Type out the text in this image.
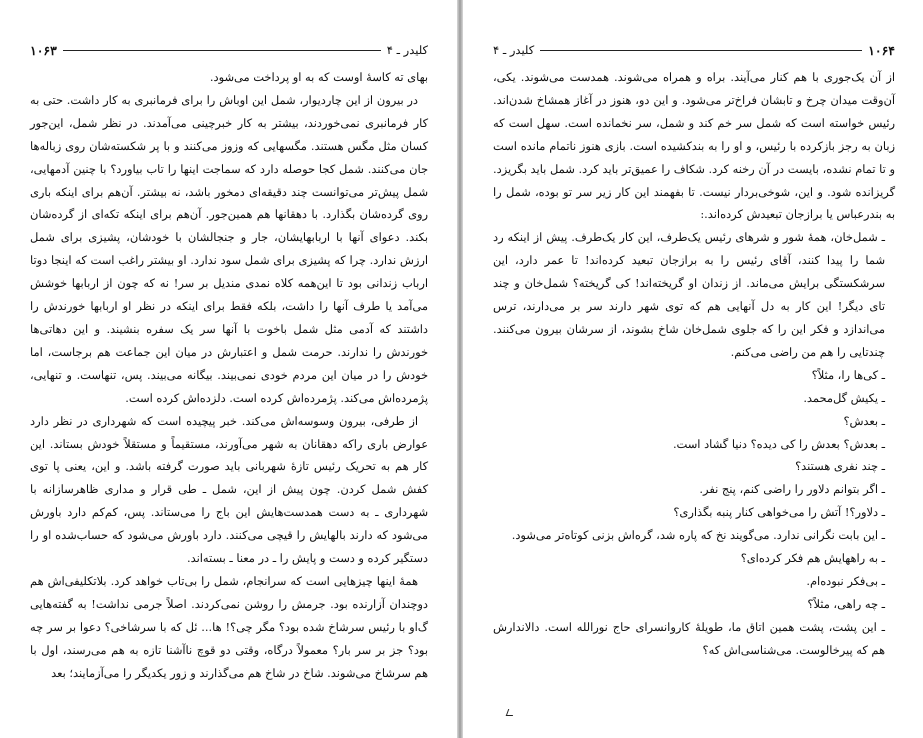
۱۰۶۳	کلیدر ـ ۴

بهای ته کاسهٔ اوست که به او پرداخت می‌شود.

در بیرون از این چاردیوار، شمل این اوباش را برای فرمانبری به کار داشت. حتی به کار فرمانبری نمی‌خوردند، بیشتر به کار خبرچینی می‌آمدند. در نظر شمل، این‌جور کسان مثل مگس هستند. مگسهایی که وزوز می‌کنند و با پر شکسته‌شان روی زباله‌ها جان می‌کنند. شمل کجا حوصله دارد که سماجت اینها را تاب بیاورد؟ با چنین آدمهایی، شمل پیش‌تر می‌توانست چند دقیقه‌ای دمخور باشد، نه بیشتر. آن‌هم برای اینکه باری روی گرده‌شان بگذارد. با دهقانها هم همین‌جور. آن‌هم برای اینکه تکه‌ای از گرده‌شان بکند. دعوای آنها با اربابهایشان، جار و جنجالشان با خودشان، پشیزی برای شمل ارزش ندارد. چرا که پشیزی برای شمل سود ندارد. او بیشتر راغب است که اینجا دوتا ارباب زندانی بود تا این‌همه کلاه نمدی مندیل بر سر! نه که چون از اربابها خوشش می‌آمد یا طرف آنها را داشت، بلکه فقط برای اینکه در نظر او اربابها خورندش را داشتند که آدمی مثل شمل باخوت با آنها سر یک سفره بنشیند. و این دهاتی‌ها خورندش را ندارند. حرمت شمل و اعتبارش در میان این جماعت هم برجاست، اما خودش را در میان این مردم خودی نمی‌بیند. بیگانه می‌بیند. پس، تنهاست. و تنهایی، پژمرده‌اش می‌کند. پژمرده‌اش کرده است. دلزده‌اش کرده است.

از طرفی، بیرون وسوسه‌اش می‌کند. خبر پیچیده است که شهرداری در نظر دارد عوارض باری راکه دهقانان به شهر می‌آورند، مستقیماً و مستقلاً خودش بستاند. این کار هم به تحریک رئیس تازهٔ شهربانی باید صورت گرفته باشد. و این، یعنی پا توی کفش شمل کردن. چون پیش از این، شمل ـ طی قرار و مداری ظاهرسازانه با شهرداری ـ به دست همدست‌هایش این باج را می‌ستاند. پس، کم‌کم دارد باورش می‌شود که دارند بالهایش را قیچی می‌کنند. دارد باورش می‌شود که حساب‌شده او را دستگیر کرده و دست و پایش را ـ در معنا ـ بسته‌اند.

همهٔ اینها چیزهایی است که سرانجام، شمل را بی‌تاب خواهد کرد. بلاتکلیفی‌اش هم دوچندان آزارنده بود. جرمش را روشن نمی‌کردند. اصلاً جرمی نداشت! به گفته‌هایی گ‌او با رئیس سرشاخ شده بود؟ مگر چی؟! ‌ها... ئل که با سرشاخی؟ دعوا بر سر چه بود؟ جز بر سر بار؟ معمولاً درگاه، وقتی دو قوچ ناآشنا تازه به هم می‌رسند، اول با هم سرشاخ می‌شوند. شاخ در شاخ هم می‌گذارند و زور یکدیگر را می‌آزمایند؛ بعد

کلیدر ـ ۴	۱۰۶۴

از آن یک‌جوری با هم کنار می‌آیند. براه و همراه می‌شوند. همدست می‌شوند. یکی، آن‌وقت میدان چرخ و تابشان فراخ‌تر می‌شود. و این دو، هنوز در آغاز همشاخ شدن‌اند. رئیس خواسته است که شمل سر خم کند و شمل، سر نخمانده است. سهل است که زبان به رجز بازکرده با رئیس، و او را به بندکشیده است. بازی هنوز ناتمام مانده است و تا تمام نشده، بایست در آن رخنه کرد. شکاف را عمیق‌تر باید کرد. شمل باید بگریزد. گریزانده شود. و این، شوخی‌بردار نیست. تا بفهمند این کار زیر سر تو بوده، شمل را به بندرعباس یا برازجان تبعیدش کرده‌اند.:

ـ شمل‌خان، همهٔ شور و شرهای رئیس یک‌طرف، این کار یک‌طرف. پیش از اینکه رد شما را پیدا کنند، آقای رئیس را به برازجان تبعید کرده‌اند! تا عمر دارد، این سرشکستگی برایش می‌ماند. از زندان او گریخته‌اند! کی گریخته؟ شمل‌خان و چند تای دیگر! این کار به دل آنهایی هم که توی شهر دارند سر بر می‌دارند، ترس می‌اندازد و فکر این را که جلوی شمل‌خان شاخ بشوند، از سرشان بیرون می‌کنند. چندتایی را هم من راضی می‌کنم.

ـ کی‌ها را، مثلاً؟

ـ یکیش گل‌محمد.

ـ بعدش؟

ـ بعدش؟ بعدش را کی دیده؟ دنیا گشاد است.

ـ چند نفری هستند؟

ـ اگر بتوانم دلاور را راضی کنم، پنج نفر.

ـ دلاور؟! آتش را می‌خواهی کنار پنبه بگذاری؟

ـ این بابت نگرانی ندارد. می‌گویند نخ که پاره شد، گره‌اش بزنی کوتاه‌تر می‌شود.

ـ به راههایش هم فکر کرده‌ای؟

ـ بی‌فکر نبوده‌ام.

ـ چه راهی، مثلاً؟

ـ این پشت، پشت همین اتاق ما، طویلهٔ کاروانسرای حاج نورالله است. دالاندارش هم که پیرخالوست. می‌شناسی‌اش که؟
